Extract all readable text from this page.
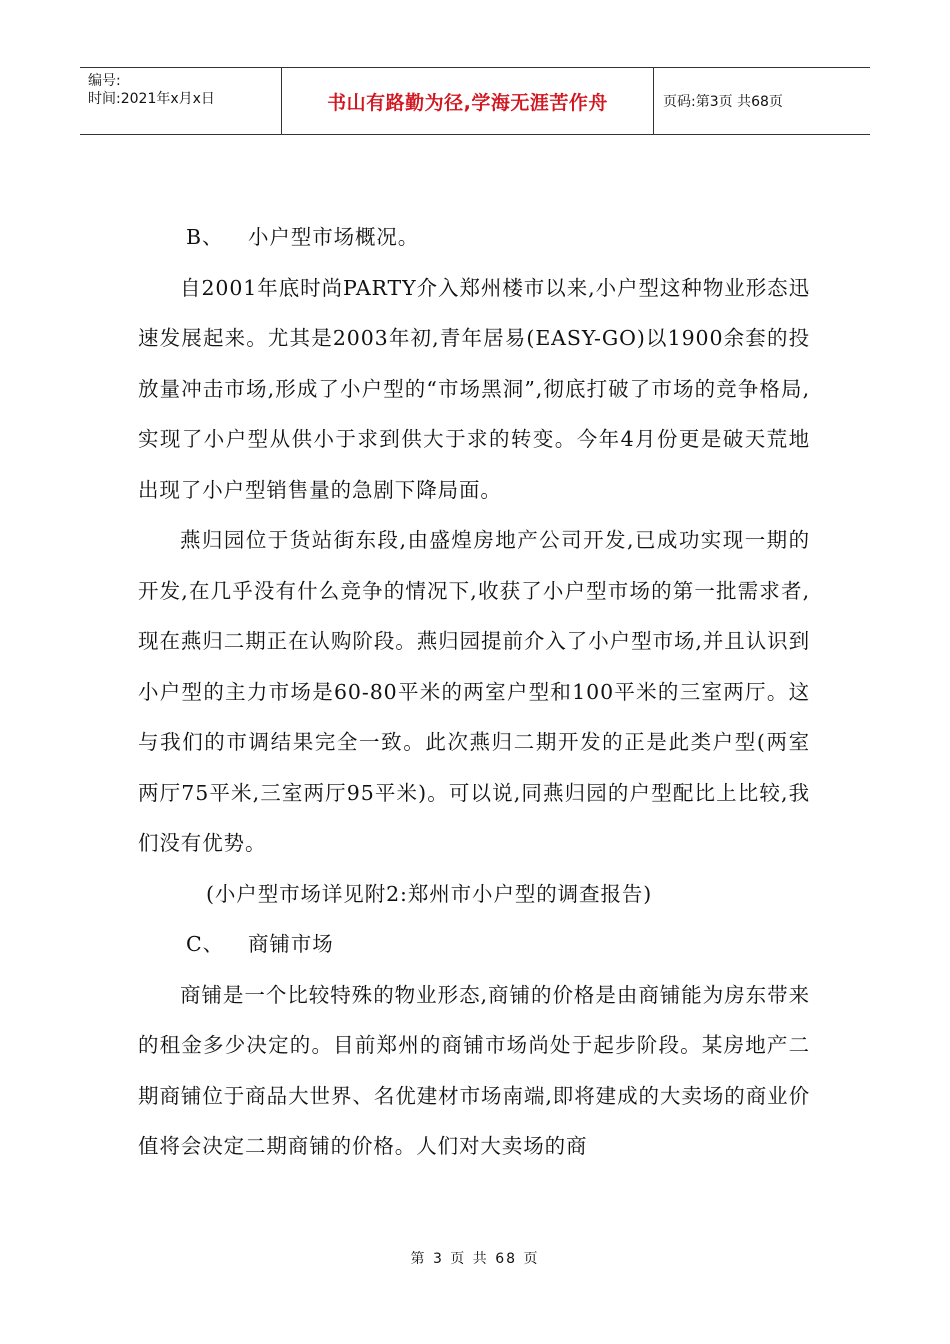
编号:
时间:2021年x月x日	书山有路勤为径,学海无涯苦作舟	页码:第3页 共68页

B、	小户型市场概况。

自2001年底时尚PARTY介入郑州楼市以来,小户型这种物业形态迅速发展起来。尤其是2003年初,青年居易(EASY-GO)以1900余套的投放量冲击市场,形成了小户型的“市场黑洞”,彻底打破了市场的竞争格局,实现了小户型从供小于求到供大于求的转变。今年4月份更是破天荒地出现了小户型销售量的急剧下降局面。

燕归园位于货站街东段,由盛煌房地产公司开发,已成功实现一期的开发,在几乎没有什么竞争的情况下,收获了小户型市场的第一批需求者,现在燕归二期正在认购阶段。燕归园提前介入了小户型市场,并且认识到小户型的主力市场是60-80平米的两室户型和100平米的三室两厅。这与我们的市调结果完全一致。此次燕归二期开发的正是此类户型(两室两厅75平米,三室两厅95平米)。可以说,同燕归园的户型配比上比较,我们没有优势。

(小户型市场详见附2:郑州市小户型的调查报告)

C、	商铺市场

商铺是一个比较特殊的物业形态,商铺的价格是由商铺能为房东带来的租金多少决定的。目前郑州的商铺市场尚处于起步阶段。某房地产二期商铺位于商品大世界、名优建材市场南端,即将建成的大卖场的商业价值将会决定二期商铺的价格。人们对大卖场的商

第 3 页 共 68 页
